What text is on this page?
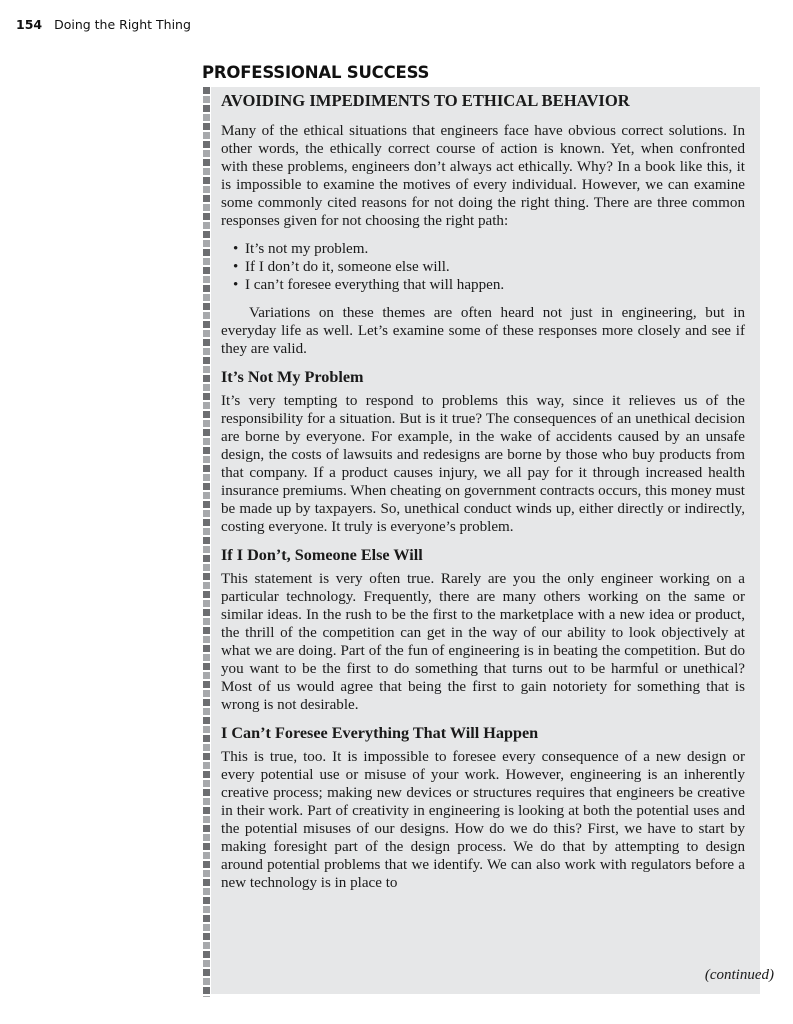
154 Doing the Right Thing
PROFESSIONAL SUCCESS
AVOIDING IMPEDIMENTS TO ETHICAL BEHAVIOR

Many of the ethical situations that engineers face have obvious correct solutions. In other words, the ethically correct course of action is known. Yet, when confronted with these problems, engineers don’t always act ethically. Why? In a book like this, it is impossible to examine the motives of every individual. However, we can examine some commonly cited reasons for not doing the right thing. There are three common responses given for not choosing the right path:

• It’s not my problem.
• If I don’t do it, someone else will.
• I can’t foresee everything that will happen.

Variations on these themes are often heard not just in engineering, but in everyday life as well. Let’s examine some of these responses more closely and see if they are valid.

It’s Not My Problem

It’s very tempting to respond to problems this way, since it relieves us of the responsibility for a situation. But is it true? The consequences of an unethical decision are borne by everyone. For example, in the wake of accidents caused by an unsafe design, the costs of lawsuits and redesigns are borne by those who buy products from that company. If a product causes injury, we all pay for it through increased health insurance premiums. When cheating on government contracts occurs, this money must be made up by taxpayers. So, unethical conduct winds up, either directly or indirectly, costing everyone. It truly is everyone’s problem.

If I Don’t, Someone Else Will

This statement is very often true. Rarely are you the only engineer working on a particular technology. Frequently, there are many others working on the same or similar ideas. In the rush to be the first to the marketplace with a new idea or product, the thrill of the competition can get in the way of our ability to look objectively at what we are doing. Part of the fun of engineering is in beating the competition. But do you want to be the first to do something that turns out to be harmful or unethical? Most of us would agree that being the first to gain notoriety for something that is wrong is not desirable.

I Can’t Foresee Everything That Will Happen

This is true, too. It is impossible to foresee every consequence of a new design or every potential use or misuse of your work. However, engineering is an inherently creative process; making new devices or structures requires that engineers be creative in their work. Part of creativity in engineering is looking at both the potential uses and the potential misuses of our designs. How do we do this? First, we have to start by making foresight part of the design process. We do that by attempting to design around potential problems that we identify. We can also work with regulators before a new technology is in place to

(continued)
